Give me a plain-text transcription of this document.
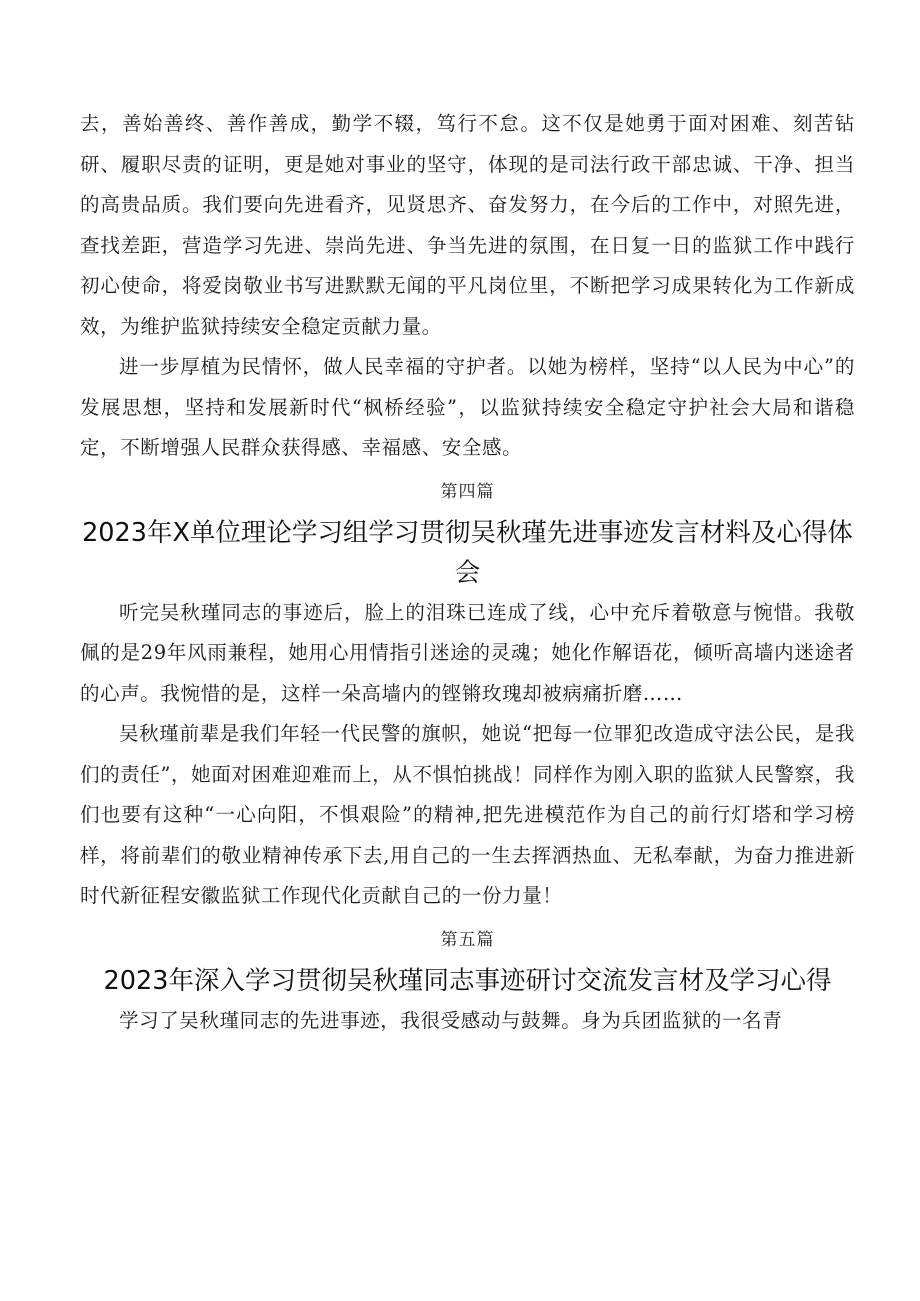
去，善始善终、善作善成，勤学不辍，笃行不怠。这不仅是她勇于面对困难、刻苦钻研、履职尽责的证明，更是她对事业的坚守，体现的是司法行政干部忠诚、干净、担当的高贵品质。我们要向先进看齐，见贤思齐、奋发努力，在今后的工作中，对照先进，查找差距，营造学习先进、崇尚先进、争当先进的氛围，在日复一日的监狱工作中践行初心使命，将爱岗敬业书写进默默无闻的平凡岗位里，不断把学习成果转化为工作新成效，为维护监狱持续安全稳定贡献力量。

进一步厚植为民情怀，做人民幸福的守护者。以她为榜样，坚持“以人民为中心”的发展思想，坚持和发展新时代“枫桥经验”，以监狱持续安全稳定守护社会大局和谐稳定，不断增强人民群众获得感、幸福感、安全感。

第四篇
2023年X单位理论学习组学习贯彻吴秋瑾先进事迹发言材料及心得体会

听完吴秋瑾同志的事迹后，脸上的泪珠已连成了线，心中充斥着敬意与惋惜。我敬佩的是29年风雨兼程，她用心用情指引迷途的灵魂；她化作解语花，倾听高墙内迷途者的心声。我惋惜的是，这样一朵高墙内的铿锵玫瑰却被病痛折磨……

吴秋瑾前辈是我们年轻一代民警的旗帜，她说“把每一位罪犯改造成守法公民，是我们的责任”，她面对困难迎难而上，从不惧怕挑战！同样作为刚入职的监狱人民警察，我们也要有这种“一心向阳，不惧艰险”的精神,把先进模范作为自己的前行灯塔和学习榜样，将前辈们的敬业精神传承下去,用自己的一生去挥洒热血、无私奉献，为奋力推进新时代新征程安徽监狱工作现代化贡献自己的一份力量！

第五篇
2023年深入学习贯彻吴秋瑾同志事迹研讨交流发言材及学习心得

学习了吴秋瑾同志的先进事迹，我很受感动与鼓舞。身为兵团监狱的一名青
